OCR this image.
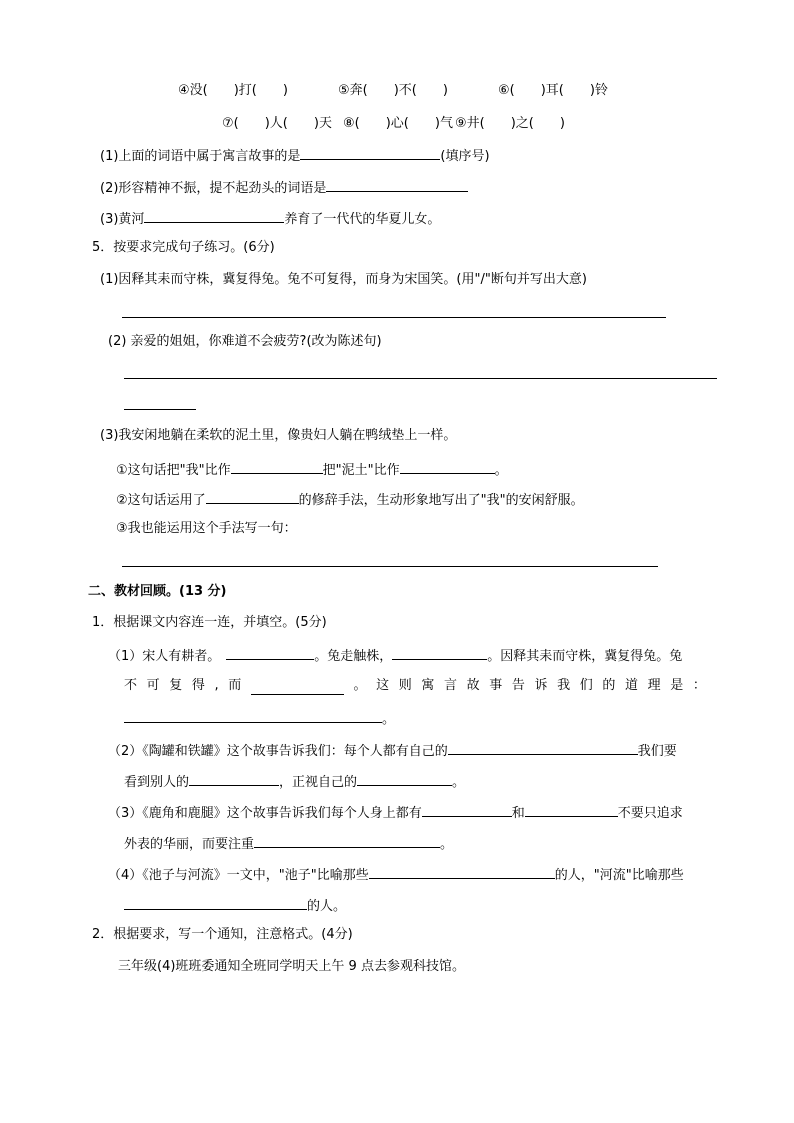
④没(　　)打(　　)	⑤奔(　　)不(　　)	⑥(　　)耳(　　)铃
⑦(　　)人(　　)天 ⑧(　　)心(　　)气 ⑨井(　　)之(　　)
(1)上面的词语中属于寓言故事的是	(填序号)
(2)形容精神不振，提不起劲头的词语是
(3)黄河	养育了一代代的华夏儿女。
5．按要求完成句子练习。(6分)
(1)因释其耒而守株，冀复得兔。兔不可复得，而身为宋国笑。(用"/"断句并写出大意)
(2) 亲爱的姐姐，你难道不会疲劳?(改为陈述句)
(3)我安闲地躺在柔软的泥土里，像贵妇人躺在鸭绒垫上一样。
①这句话把"我"比作	把"泥土"比作	。
②这句话运用了	的修辞手法，生动形象地写出了"我"的安闲舒服。
③我也能运用这个手法写一句：
二、教材回顾。(13 分)
1．根据课文内容连一连，并填空。(5分)
（1）宋人有耕者。	。兔走触株，	。因释其耒而守株，冀复得兔。兔
不 可 复 得 , 而	。 这 则 寓 言 故 事 告 诉 我 们 的 道 理 是 ：
。
（2）《陶罐和铁罐》这个故事告诉我们：每个人都有自己的	我们要
看到别人的	，正视自己的	。
（3）《鹿角和鹿腿》这个故事告诉我们每个人身上都有	和	不要只追求
外表的华丽，而要注重	。
（4）《池子与河流》一文中，"池子"比喻那些	的人，"河流"比喻那些
的人。
2．根据要求，写一个通知，注意格式。(4分)
三年级(4)班班委通知全班同学明天上午 9 点去参观科技馆。
